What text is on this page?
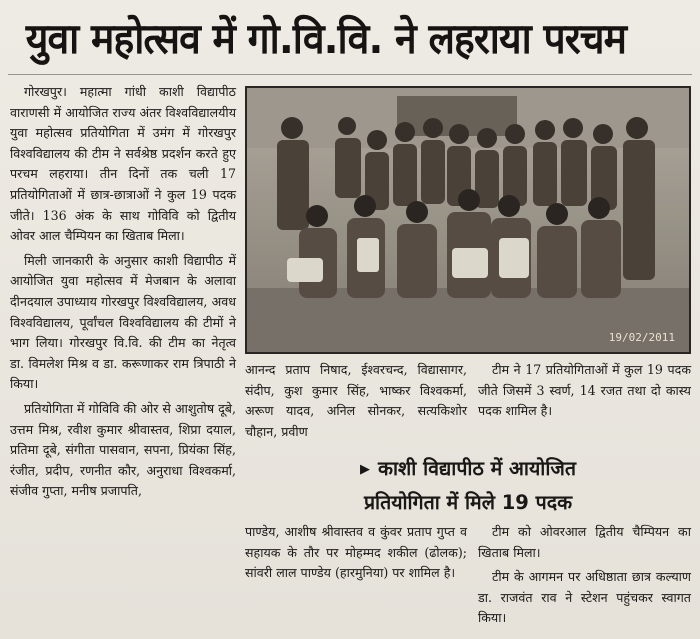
युवा महोत्सव में गो.वि.वि. ने लहराया परचम

गोरखपुर। महात्मा गांधी काशी विद्यापीठ वाराणसी में आयोजित राज्य अंतर विश्वविद्यालयीय युवा महोत्सव प्रतियोगिता में उमंग में गोरखपुर विश्वविद्यालय की टीम ने सर्वश्रेष्ठ प्रदर्शन करते हुए परचम लहराया। तीन दिनों तक चली 17 प्रतियोगिताओं में छात्र-छात्राओं ने कुल 19 पदक जीते। 136 अंक के साथ गोविवि को द्वितीय ओवर आल चैम्पियन का खिताब मिला।

मिली जानकारी के अनुसार काशी विद्यापीठ में आयोजित युवा महोत्सव में मेजबान के अलावा दीनदयाल उपाध्याय गोरखपुर विश्वविद्यालय, अवध विश्वविद्यालय, पूर्वांचल विश्वविद्यालय की टीमों ने भाग लिया। गोरखपुर वि.वि. की टीम का नेतृत्व डा. विमलेश मिश्र व डा. करूणाकर राम त्रिपाठी ने किया।

प्रतियोगिता में गोविवि की ओर से आशुतोष दूबे, उत्तम मिश्र, रवीश कुमार श्रीवास्तव, शिप्रा दयाल, प्रतिमा दूबे, संगीता पासवान, सपना, प्रियंका सिंह, रंजीत, प्रदीप, रणनीत कौर, अनुराधा विश्वकर्मा, संजीव गुप्ता, मनीष प्रजापति,

19/02/2011

आनन्द प्रताप निषाद, ईश्वरचन्द, विद्यासागर, संदीप, कुश कुमार सिंह, भाष्कर विश्वकर्मा, अरूण यादव, अनिल सोनकर, सत्यकिशोर चौहान, प्रवीण

टीम ने 17 प्रतियोगिताओं में कुल 19 पदक जीते जिसमें 3 स्वर्ण, 14 रजत तथा दो कास्य पदक शामिल है।

▶ काशी विद्यापीठ में आयोजित
प्रतियोगिता में मिले 19 पदक

पाण्डेय, आशीष श्रीवास्तव व कुंवर प्रताप गुप्त व सहायक के तौर पर मोहम्मद शकील (ढोलक); सांवरी लाल पाण्डेय (हारमुनिया) पर शामिल है।

टीम को ओवरआल द्वितीय चैम्पियन का खिताब मिला।

टीम के आगमन पर अधिष्ठाता छात्र कल्याण डा. राजवंत राव ने स्टेशन पहुंचकर स्वागत किया।
